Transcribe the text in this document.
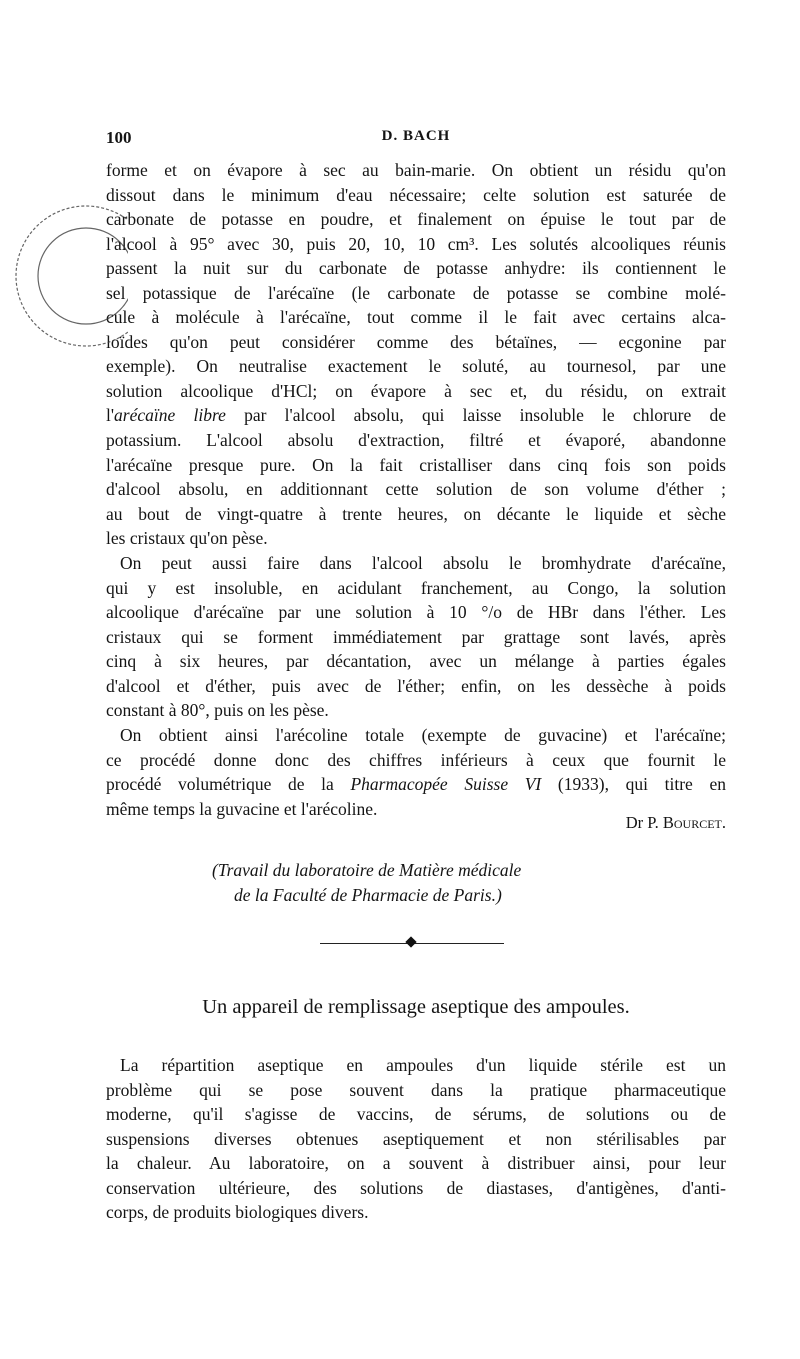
100	D. BACH
forme et on évapore à sec au bain-marie. On obtient un résidu qu'on
dissout dans le minimum d'eau nécessaire; celte solution est saturée de
carbonate de potasse en poudre, et finalement on épuise le tout par de
l'alcool à 95° avec 30, puis 20, 10, 10 cm³. Les solutés alcooliques réunis
passent la nuit sur du carbonate de potasse anhydre: ils contiennent le
sel potassique de l'arécaïne (le carbonate de potasse se combine molé-
cule à molécule à l'arécaïne, tout comme il le fait avec certains alca-
loïdes qu'on peut considérer comme des bétaïnes, — ecgonine par
exemple). On neutralise exactement le soluté, au tournesol, par une
solution alcoolique d'HCl; on évapore à sec et, du résidu, on extrait
l'arécaïne libre par l'alcool absolu, qui laisse insoluble le chlorure de
potassium. L'alcool absolu d'extraction, filtré et évaporé, abandonne
l'arécaïne presque pure. On la fait cristalliser dans cinq fois son poids
d'alcool absolu, en additionnant cette solution de son volume d'éther ;
au bout de vingt-quatre à trente heures, on décante le liquide et sèche
les cristaux qu'on pèse.
On peut aussi faire dans l'alcool absolu le bromhydrate d'arécaïne,
qui y est insoluble, en acidulant franchement, au Congo, la solution
alcoolique d'arécaïne par une solution à 10 °/o de HBr dans l'éther. Les
cristaux qui se forment immédiatement par grattage sont lavés, après
cinq à six heures, par décantation, avec un mélange à parties égales
d'alcool et d'éther, puis avec de l'éther; enfin, on les dessèche à poids
constant à 80°, puis on les pèse.
On obtient ainsi l'arécoline totale (exempte de guvacine) et l'arécaïne;
ce procédé donne donc des chiffres inférieurs à ceux que fournit le
procédé volumétrique de la Pharmacopée Suisse VI (1933), qui titre en
même temps la guvacine et l'arécoline.
Dr P. Bourcet.
(Travail du laboratoire de Matière médicale
de la Faculté de Pharmacie de Paris.)
Un appareil de remplissage aseptique des ampoules.
La répartition aseptique en ampoules d'un liquide stérile est un
problème qui se pose souvent dans la pratique pharmaceutique
moderne, qu'il s'agisse de vaccins, de sérums, de solutions ou de
suspensions diverses obtenues aseptiquement et non stérilisables par
la chaleur. Au laboratoire, on a souvent à distribuer ainsi, pour leur
conservation ultérieure, des solutions de diastases, d'antigènes, d'anti-
corps, de produits biologiques divers.
